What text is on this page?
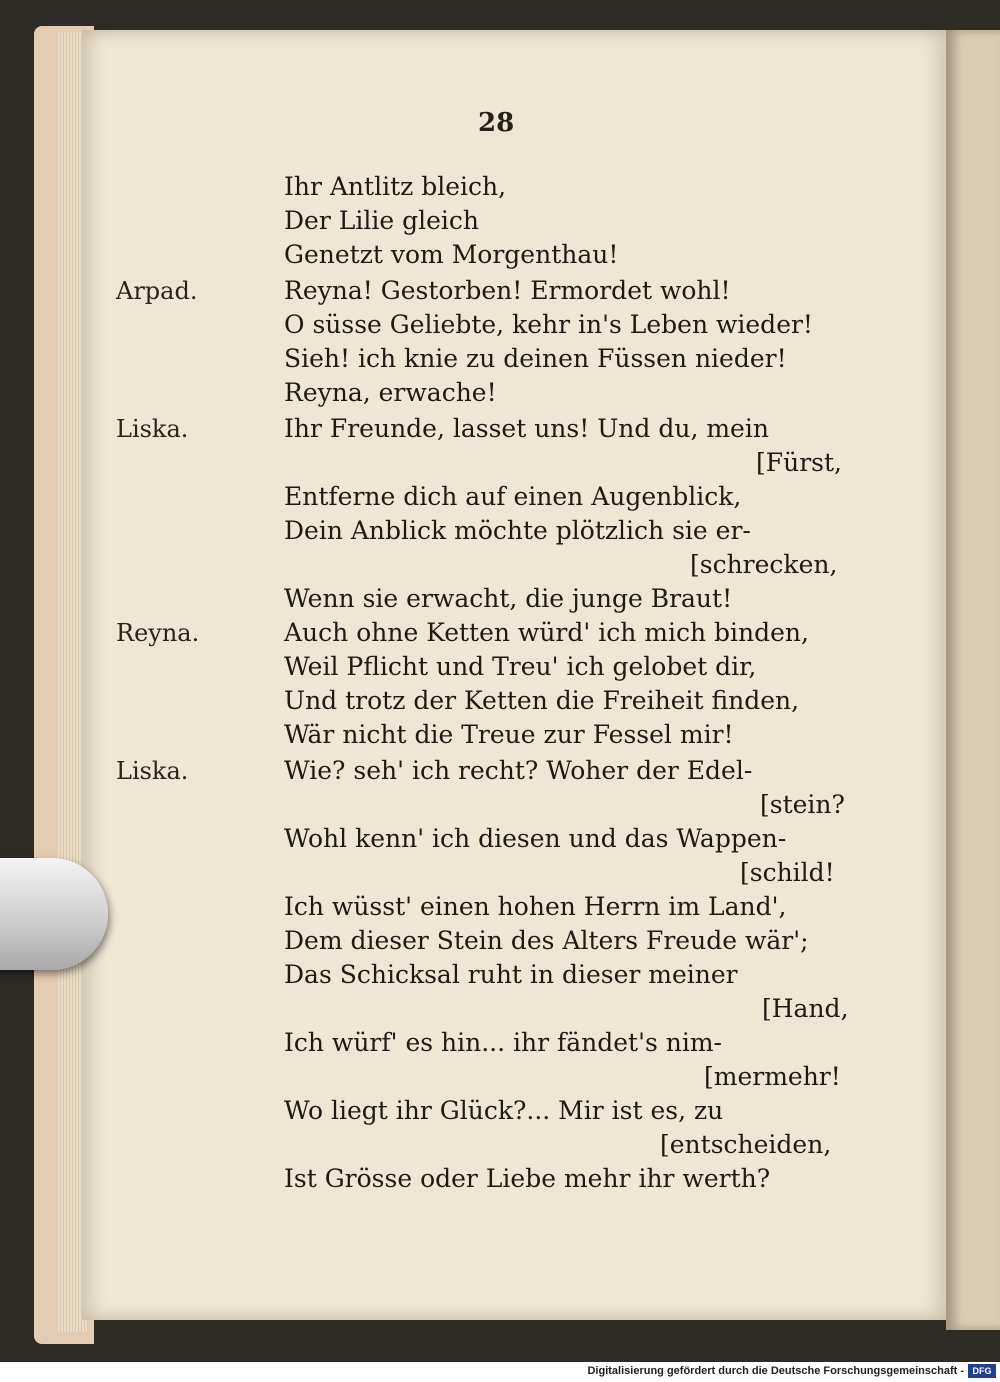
28
Ihr Antlitz bleich,
Der Lilie gleich
Genetzt vom Morgenthau!
Arpad.	Reyna! Gestorben! Ermordet wohl!
O süsse Geliebte, kehr in's Leben wieder!
Sieh! ich knie zu deinen Füssen nieder!
Reyna, erwache!
Liska.	Ihr Freunde, lasset uns! Und du, mein
[Fürst,
Entferne dich auf einen Augenblick,
Dein Anblick möchte plötzlich sie er-
[schrecken,
Wenn sie erwacht, die junge Braut!
Reyna.	Auch ohne Ketten würd' ich mich binden,
Weil Pflicht und Treu' ich gelobet dir,
Und trotz der Ketten die Freiheit finden,
Wär nicht die Treue zur Fessel mir!
Liska.	Wie? seh' ich recht? Woher der Edel-
[stein?
Wohl kenn' ich diesen und das Wappen-
[schild!
Ich wüsst' einen hohen Herrn im Land',
Dem dieser Stein des Alters Freude wär';
Das Schicksal ruht in dieser meiner
[Hand,
Ich würf' es hin... ihr fändet's nim-
[mermehr!
Wo liegt ihr Glück?... Mir ist es, zu
[entscheiden,
Ist Grösse oder Liebe mehr ihr werth?
Digitalisierung gefördert durch die Deutsche Forschungsgemeinschaft - DFG
